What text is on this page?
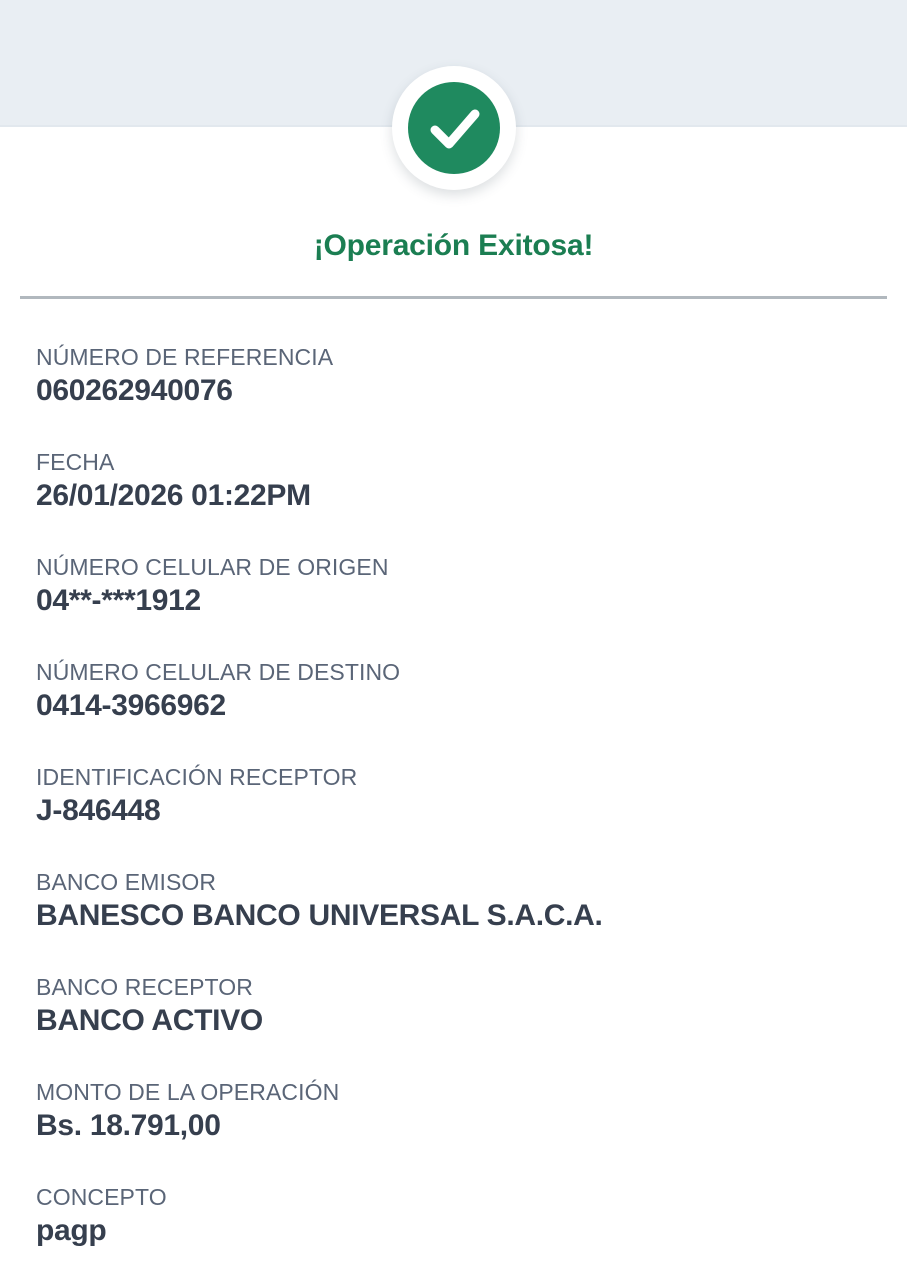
¡Operación Exitosa!
NÚMERO DE REFERENCIA
060262940076
FECHA
26/01/2026 01:22PM
NÚMERO CELULAR DE ORIGEN
04**-***1912
NÚMERO CELULAR DE DESTINO
0414-3966962
IDENTIFICACIÓN RECEPTOR
J-846448
BANCO EMISOR
BANESCO BANCO UNIVERSAL S.A.C.A.
BANCO RECEPTOR
BANCO ACTIVO
MONTO DE LA OPERACIÓN
Bs. 18.791,00
CONCEPTO
pagp
